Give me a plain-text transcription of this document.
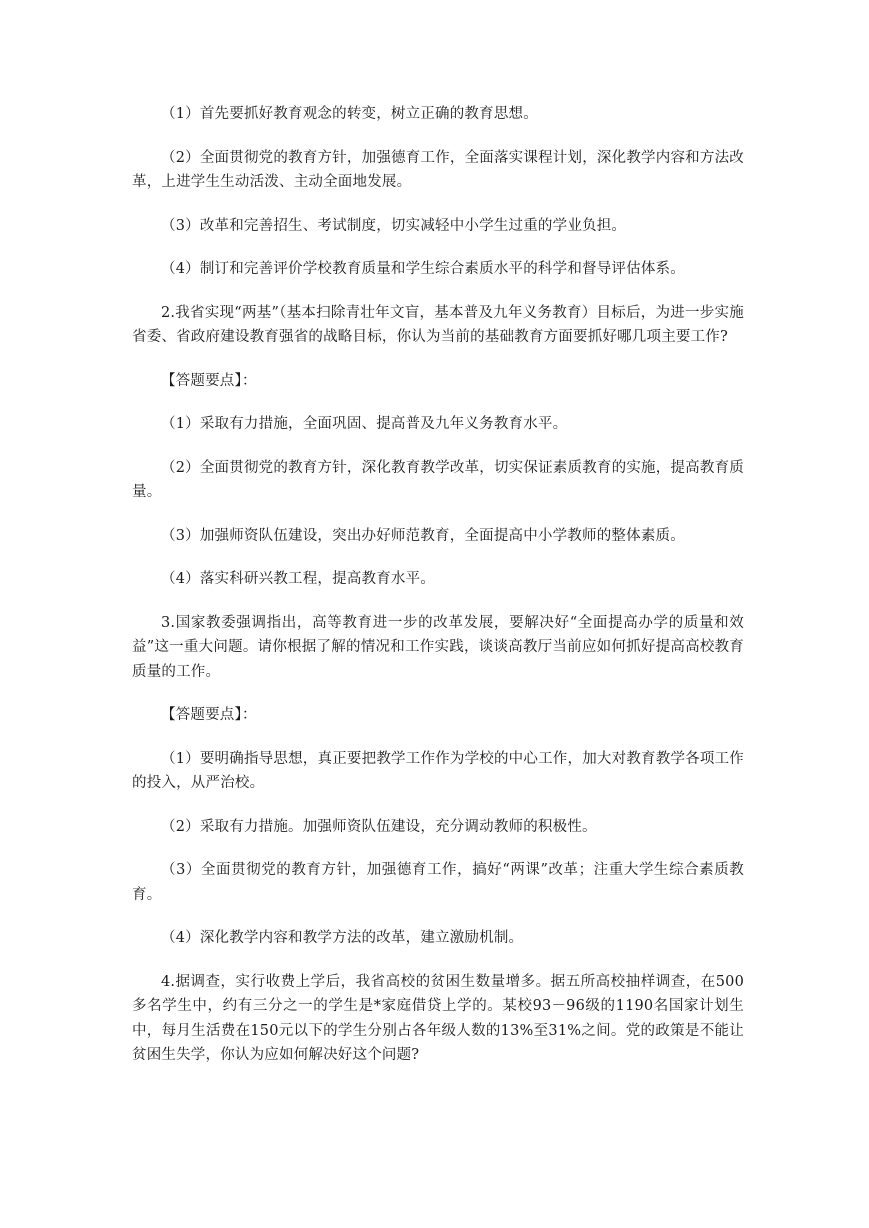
（1）首先要抓好教育观念的转变，树立正确的教育思想。

（2）全面贯彻党的教育方针，加强德育工作，全面落实课程计划，深化教学内容和方法改革，上进学生生动活泼、主动全面地发展。

（3）改革和完善招生、考试制度，切实减轻中小学生过重的学业负担。

（4）制订和完善评价学校教育质量和学生综合素质水平的科学和督导评估体系。

2.我省实现“两基”（基本扫除青壮年文盲，基本普及九年义务教育）目标后，为进一步实施省委、省政府建设教育强省的战略目标，你认为当前的基础教育方面要抓好哪几项主要工作?

【答题要点】：

（1）采取有力措施，全面巩固、提高普及九年义务教育水平。

（2）全面贯彻党的教育方针，深化教育教学改革，切实保证素质教育的实施，提高教育质量。

（3）加强师资队伍建设，突出办好师范教育，全面提高中小学教师的整体素质。

（4）落实科研兴教工程，提高教育水平。

3.国家教委强调指出，高等教育进一步的改革发展，要解决好“全面提高办学的质量和效益”这一重大问题。请你根据了解的情况和工作实践，谈谈高教厅当前应如何抓好提高高校教育质量的工作。

【答题要点】：

（1）要明确指导思想，真正要把教学工作作为学校的中心工作，加大对教育教学各项工作的投入，从严治校。

（2）采取有力措施。加强师资队伍建设，充分调动教师的积极性。

（3）全面贯彻党的教育方针，加强德育工作，搞好“两课”改革；注重大学生综合素质教育。

（4）深化教学内容和教学方法的改革，建立激励机制。

4.据调查，实行收费上学后，我省高校的贫困生数量增多。据五所高校抽样调查，在500多名学生中，约有三分之一的学生是*家庭借贷上学的。某校93－96级的1190名国家计划生中，每月生活费在150元以下的学生分别占各年级人数的13%至31%之间。党的政策是不能让贫困生失学，你认为应如何解决好这个问题?
